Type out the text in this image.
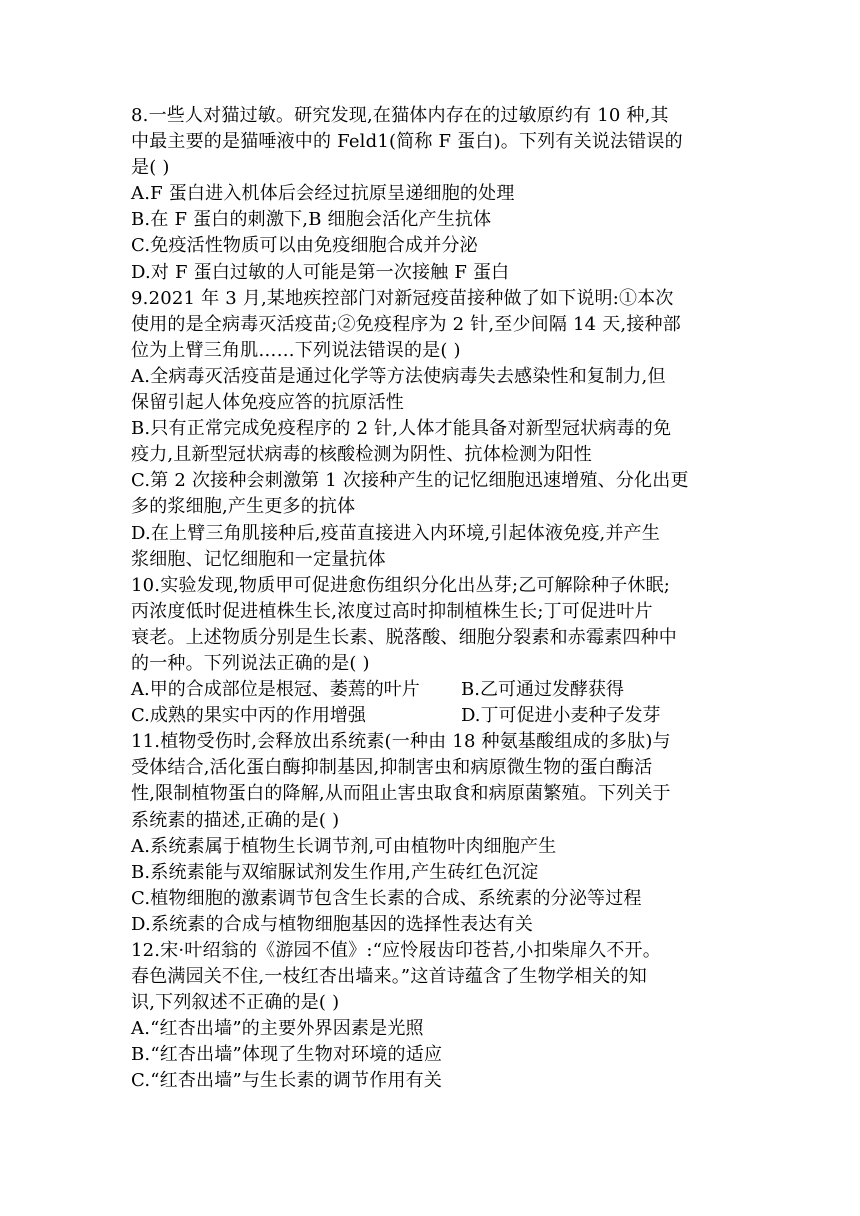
8.一些人对猫过敏。研究发现,在猫体内存在的过敏原约有 10 种,其
中最主要的是猫唾液中的 Feld1(简称 F 蛋白)。下列有关说法错误的
是( )
A.F 蛋白进入机体后会经过抗原呈递细胞的处理
B.在 F 蛋白的刺激下,B 细胞会活化产生抗体
C.免疫活性物质可以由免疫细胞合成并分泌
D.对 F 蛋白过敏的人可能是第一次接触 F 蛋白
9.2021 年 3 月,某地疾控部门对新冠疫苗接种做了如下说明:①本次
使用的是全病毒灭活疫苗;②免疫程序为 2 针,至少间隔 14 天,接种部
位为上臂三角肌……下列说法错误的是( )
A.全病毒灭活疫苗是通过化学等方法使病毒失去感染性和复制力,但
保留引起人体免疫应答的抗原活性
B.只有正常完成免疫程序的 2 针,人体才能具备对新型冠状病毒的免
疫力,且新型冠状病毒的核酸检测为阴性、抗体检测为阳性
C.第 2 次接种会刺激第 1 次接种产生的记忆细胞迅速增殖、分化出更
多的浆细胞,产生更多的抗体
D.在上臂三角肌接种后,疫苗直接进入内环境,引起体液免疫,并产生
浆细胞、记忆细胞和一定量抗体
10.实验发现,物质甲可促进愈伤组织分化出丛芽;乙可解除种子休眠;
丙浓度低时促进植株生长,浓度过高时抑制植株生长;丁可促进叶片
衰老。上述物质分别是生长素、脱落酸、细胞分裂素和赤霉素四种中
的一种。下列说法正确的是( )
A.甲的合成部位是根冠、萎蔫的叶片	B.乙可通过发酵获得
C.成熟的果实中丙的作用增强	D.丁可促进小麦种子发芽
11.植物受伤时,会释放出系统素(一种由 18 种氨基酸组成的多肽)与
受体结合,活化蛋白酶抑制基因,抑制害虫和病原微生物的蛋白酶活
性,限制植物蛋白的降解,从而阻止害虫取食和病原菌繁殖。下列关于
系统素的描述,正确的是( )
A.系统素属于植物生长调节剂,可由植物叶肉细胞产生
B.系统素能与双缩脲试剂发生作用,产生砖红色沉淀
C.植物细胞的激素调节包含生长素的合成、系统素的分泌等过程
D.系统素的合成与植物细胞基因的选择性表达有关
12.宋·叶绍翁的《游园不值》:“应怜屐齿印苍苔,小扣柴扉久不开。
春色满园关不住,一枝红杏出墙来。”这首诗蕴含了生物学相关的知
识,下列叙述不正确的是( )
A.“红杏出墙”的主要外界因素是光照
B.“红杏出墙”体现了生物对环境的适应
C.“红杏出墙”与生长素的调节作用有关
